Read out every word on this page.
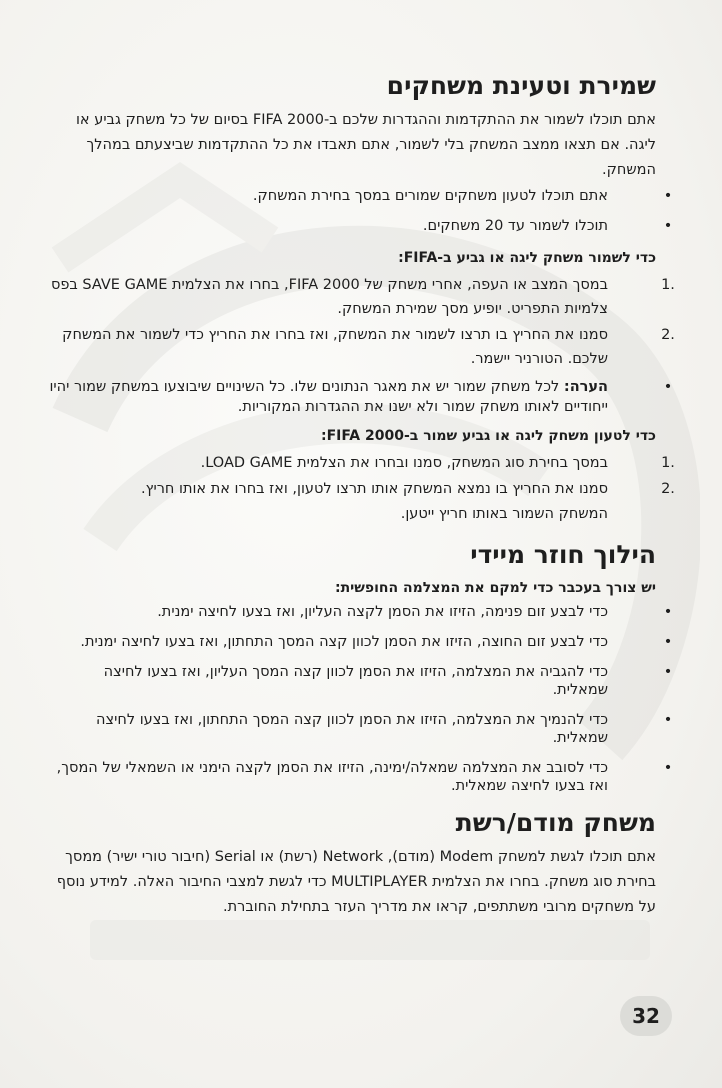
שמירת וטעינת משחקים

אתם תוכלו לשמור את ההתקדמות וההגדרות שלכם ב-FIFA 2000 בסיום של כל משחק גביע או ליגה. אם תצאו ממצב המשחק בלי לשמור, אתם תאבדו את כל ההתקדמות שביצעתם במהלך המשחק.

•
אתם תוכלו לטעון משחקים שמורים במסך בחירת המשחק.
•
תוכלו לשמור עד 20 משחקים.
כדי לשמור משחק ליגה או גביע ב-FIFA:
1.
במסך המצב או העפה, אחרי משחק של FIFA 2000, בחרו את הצלמית SAVE GAME בפס צלמיות התפריט. יופיע מסך שמירת המשחק.
2.
סמנו את החריץ בו תרצו לשמור את המשחק, ואז בחרו את החריץ כדי לשמור את המשחק שלכם. הטורניר יישמר.
•
הערה: לכל משחק שמור יש את מאגר הנתונים שלו. כל השינויים שיבוצעו במשחק שמור יהיו ייחודיים לאותו משחק שמור ולא ישנו את ההגדרות המקוריות.
כדי לטעון משחק ליגה או גביע שמור ב-FIFA 2000:
1.
במסך בחירת סוג המשחק, סמנו ובחרו את הצלמית LOAD GAME.
2.
סמנו את החריץ בו נמצא המשחק אותו תרצו לטעון, ואז בחרו את אותו חריץ.
המשחק השמור באותו חריץ ייטען.
הילוך חוזר מיידי
יש צורך בעכבר כדי למקם את המצלמה החופשית:
•
כדי לבצע זום פנימה, הזיזו את הסמן לקצה העליון, ואז בצעו לחיצה ימנית.
•
כדי לבצע זום החוצה, הזיזו את הסמן לכוון קצה המסך התחתון, ואז בצעו לחיצה ימנית.
•
כדי להגביה את המצלמה, הזיזו את הסמן לכוון קצה המסך העליון, ואז בצעו לחיצה שמאלית.
•
כדי להנמיך את המצלמה, הזיזו את הסמן לכוון קצה המסך התחתון, ואז בצעו לחיצה שמאלית.
•
כדי לסובב את המצלמה שמאלה/ימינה, הזיזו את הסמן לקצה הימני או השמאלי של המסך, ואז בצעו לחיצה שמאלית.
משחק מודם/רשת

אתם תוכלו לגשת למשחק Modem (מודם), Network (רשת) או Serial (חיבור טורי ישיר) ממסך בחירת סוג משחק. בחרו את הצלמית MULTIPLAYER כדי לגשת למצבי החיבור האלה. למידע נוסף על משחקים מרובי משתתפים, קראו את מדריך העזר בתחילת החוברת.

32
